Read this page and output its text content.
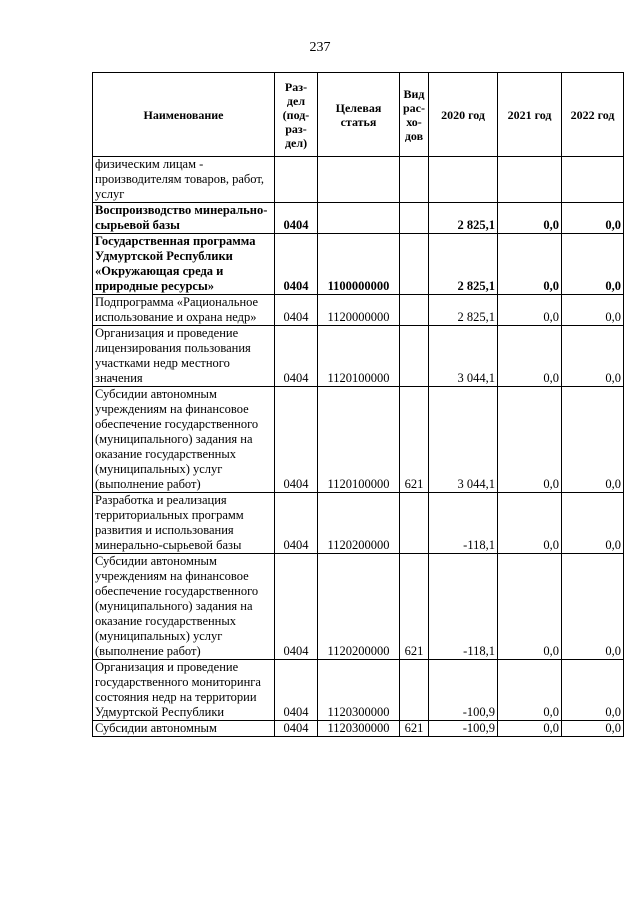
237
Наименование	Раз-дел (под-раз-дел)	Целевая статья	Вид рас-хо-дов	2020 год	2021 год	2022 год
физическим лицам - производителям товаров, работ, услуг						
Воспроизводство минерально-сырьевой базы	0404			2 825,1	0,0	0,0
Государственная программа Удмуртской Республики «Окружающая среда и природные ресурсы»	0404	1100000000		2 825,1	0,0	0,0
Подпрограмма «Рациональное использование и охрана недр»	0404	1120000000		2 825,1	0,0	0,0
Организация и проведение лицензирования пользования участками недр местного значения	0404	1120100000		3 044,1	0,0	0,0
Субсидии автономным учреждениям на финансовое обеспечение государственного (муниципального) задания на оказание государственных (муниципальных) услуг (выполнение работ)	0404	1120100000	621	3 044,1	0,0	0,0
Разработка и реализация территориальных программ развития и использования минерально-сырьевой базы	0404	1120200000		-118,1	0,0	0,0
Субсидии автономным учреждениям на финансовое обеспечение государственного (муниципального) задания на оказание государственных (муниципальных) услуг (выполнение работ)	0404	1120200000	621	-118,1	0,0	0,0
Организация и проведение государственного мониторинга состояния недр на территории Удмуртской Республики	0404	1120300000		-100,9	0,0	0,0
Субсидии автономным	0404	1120300000	621	-100,9	0,0	0,0
